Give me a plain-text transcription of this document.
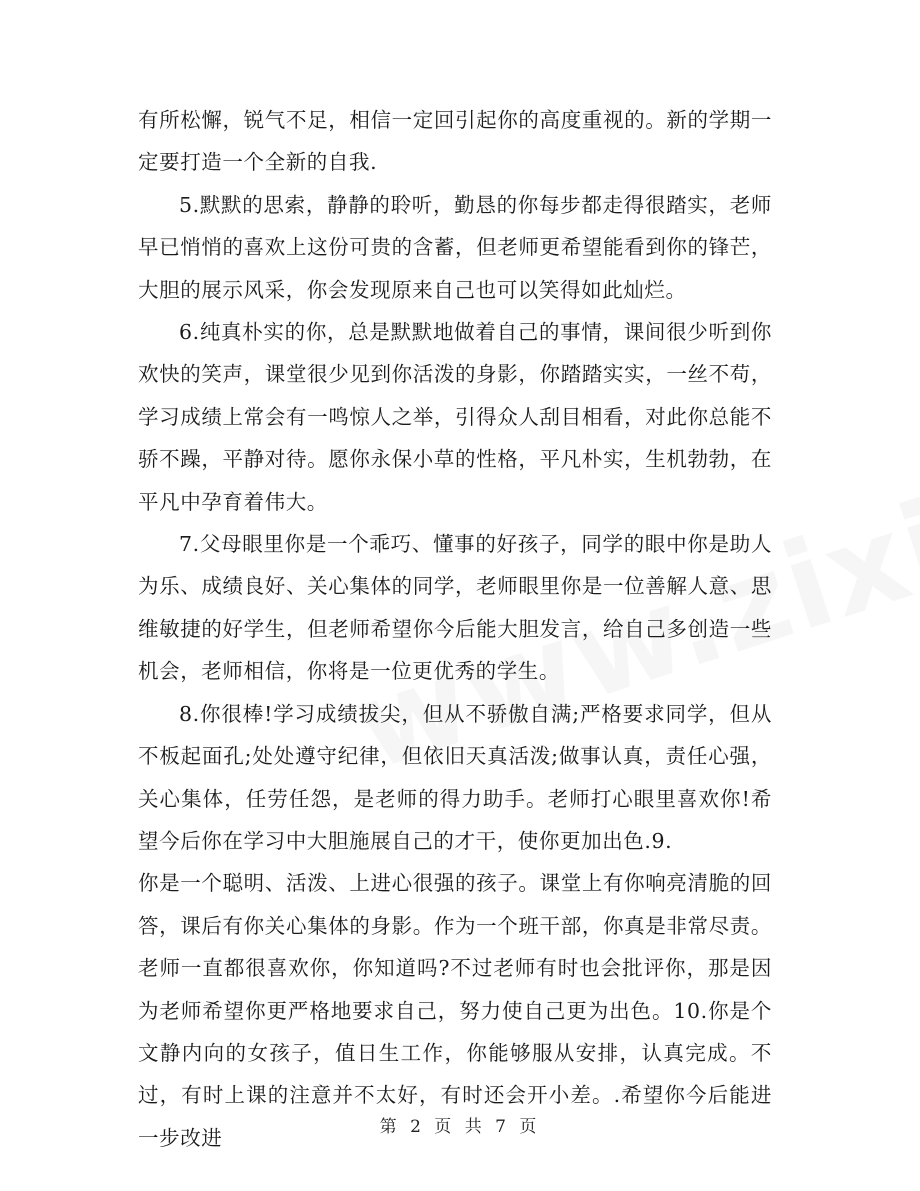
有所松懈，锐气不足，相信一定回引起你的高度重视的。新的学期一定要打造一个全新的自我.

5.默默的思索，静静的聆听，勤恳的你每步都走得很踏实，老师早已悄悄的喜欢上这份可贵的含蓄，但老师更希望能看到你的锋芒，大胆的展示风采，你会发现原来自己也可以笑得如此灿烂。

6.纯真朴实的你，总是默默地做着自己的事情，课间很少听到你欢快的笑声，课堂很少见到你活泼的身影，你踏踏实实，一丝不苟，学习成绩上常会有一鸣惊人之举，引得众人刮目相看，对此你总能不骄不躁，平静对待。愿你永保小草的性格，平凡朴实，生机勃勃，在平凡中孕育着伟大。

7.父母眼里你是一个乖巧、懂事的好孩子，同学的眼中你是助人为乐、成绩良好、关心集体的同学，老师眼里你是一位善解人意、思维敏捷的好学生，但老师希望你今后能大胆发言，给自己多创造一些机会，老师相信，你将是一位更优秀的学生。

8.你很棒!学习成绩拔尖，但从不骄傲自满;严格要求同学，但从不板起面孔;处处遵守纪律，但依旧天真活泼;做事认真，责任心强，关心集体，任劳任怨，是老师的得力助手。老师打心眼里喜欢你!希望今后你在学习中大胆施展自己的才干，使你更加出色.9.

你是一个聪明、活泼、上进心很强的孩子。课堂上有你响亮清脆的回答，课后有你关心集体的身影。作为一个班干部，你真是非常尽责。老师一直都很喜欢你，你知道吗?不过老师有时也会批评你，那是因为老师希望你更严格地要求自己，努力使自己更为出色。10.你是个文静内向的女孩子，值日生工作，你能够服从安排，认真完成。不过，有时上课的注意并不太好，有时还会开小差。.希望你今后能进一步改进	第 2 页 共 7 页
